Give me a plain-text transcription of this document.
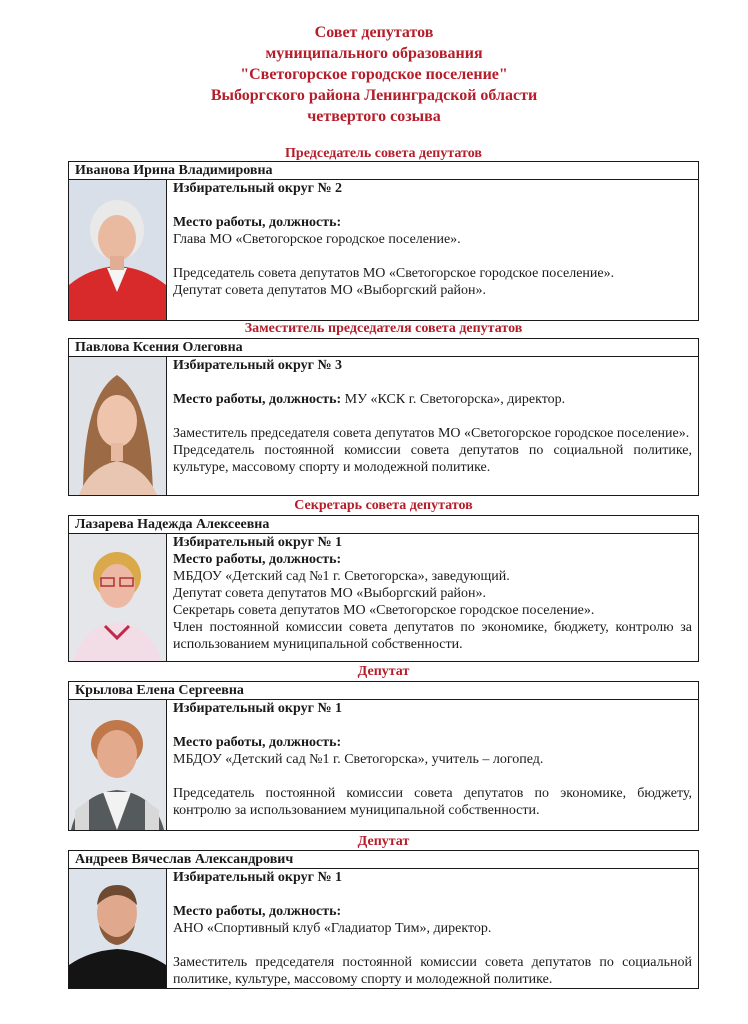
Совет депутатов
муниципального образования
"Светогорское городское поселение"
Выборгского района Ленинградской области
четвертого созыва
Председатель совета депутатов
Иванова Ирина Владимировна

Избирательный округ № 2

Место работы, должность:

Глава МО «Светогорское городское поселение».

Председатель совета депутатов МО «Светогорское городское поселение».

Депутат совета депутатов МО «Выборгский район».

Заместитель председателя совета депутатов
Павлова Ксения Олеговна

Избирательный округ № 3

Место работы, должность: МУ «КСК г. Светогорска», директор.

Заместитель председателя совета депутатов МО «Светогорское городское поселение».

Председатель постоянной комиссии совета депутатов по социальной политике, культуре, массовому спорту и молодежной политике.

Секретарь совета депутатов
Лазарева Надежда Алексеевна

Избирательный округ № 1

Место работы, должность:

МБДОУ «Детский сад №1 г. Светогорска», заведующий.

Депутат совета депутатов МО «Выборгский район».

Секретарь совета депутатов МО «Светогорское городское поселение».

Член постоянной комиссии совета депутатов по экономике, бюджету, контролю за использованием муниципальной собственности.

Депутат
Крылова Елена Сергеевна

Избирательный округ № 1

Место работы, должность:

МБДОУ «Детский сад №1 г. Светогорска», учитель – логопед.

Председатель постоянной комиссии совета депутатов по экономике, бюджету, контролю за использованием муниципальной собственности.

Депутат
Андреев Вячеслав Александрович

Избирательный округ № 1

Место работы, должность:

АНО «Спортивный клуб «Гладиатор Тим», директор.

Заместитель председателя постоянной комиссии совета депутатов по социальной политике, культуре, массовому спорту и молодежной политике.
